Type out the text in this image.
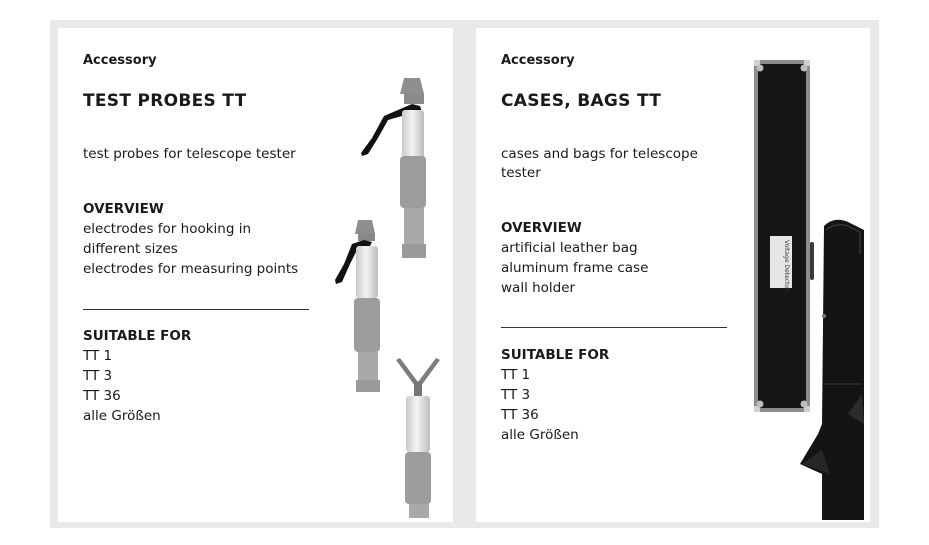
Accessory

TEST PROBES TT

test probes for telescope tester

OVERVIEW

electrodes for hooking in
different sizes
electrodes for measuring points

SUITABLE FOR

TT 1
TT 3
TT 36
alle Größen

Accessory

CASES, BAGS TT

cases and bags for telescope
tester

OVERVIEW

artificial leather bag
aluminum frame case
wall holder

SUITABLE FOR

TT 1
TT 3
TT 36
alle Größen
Voltage Detectors
